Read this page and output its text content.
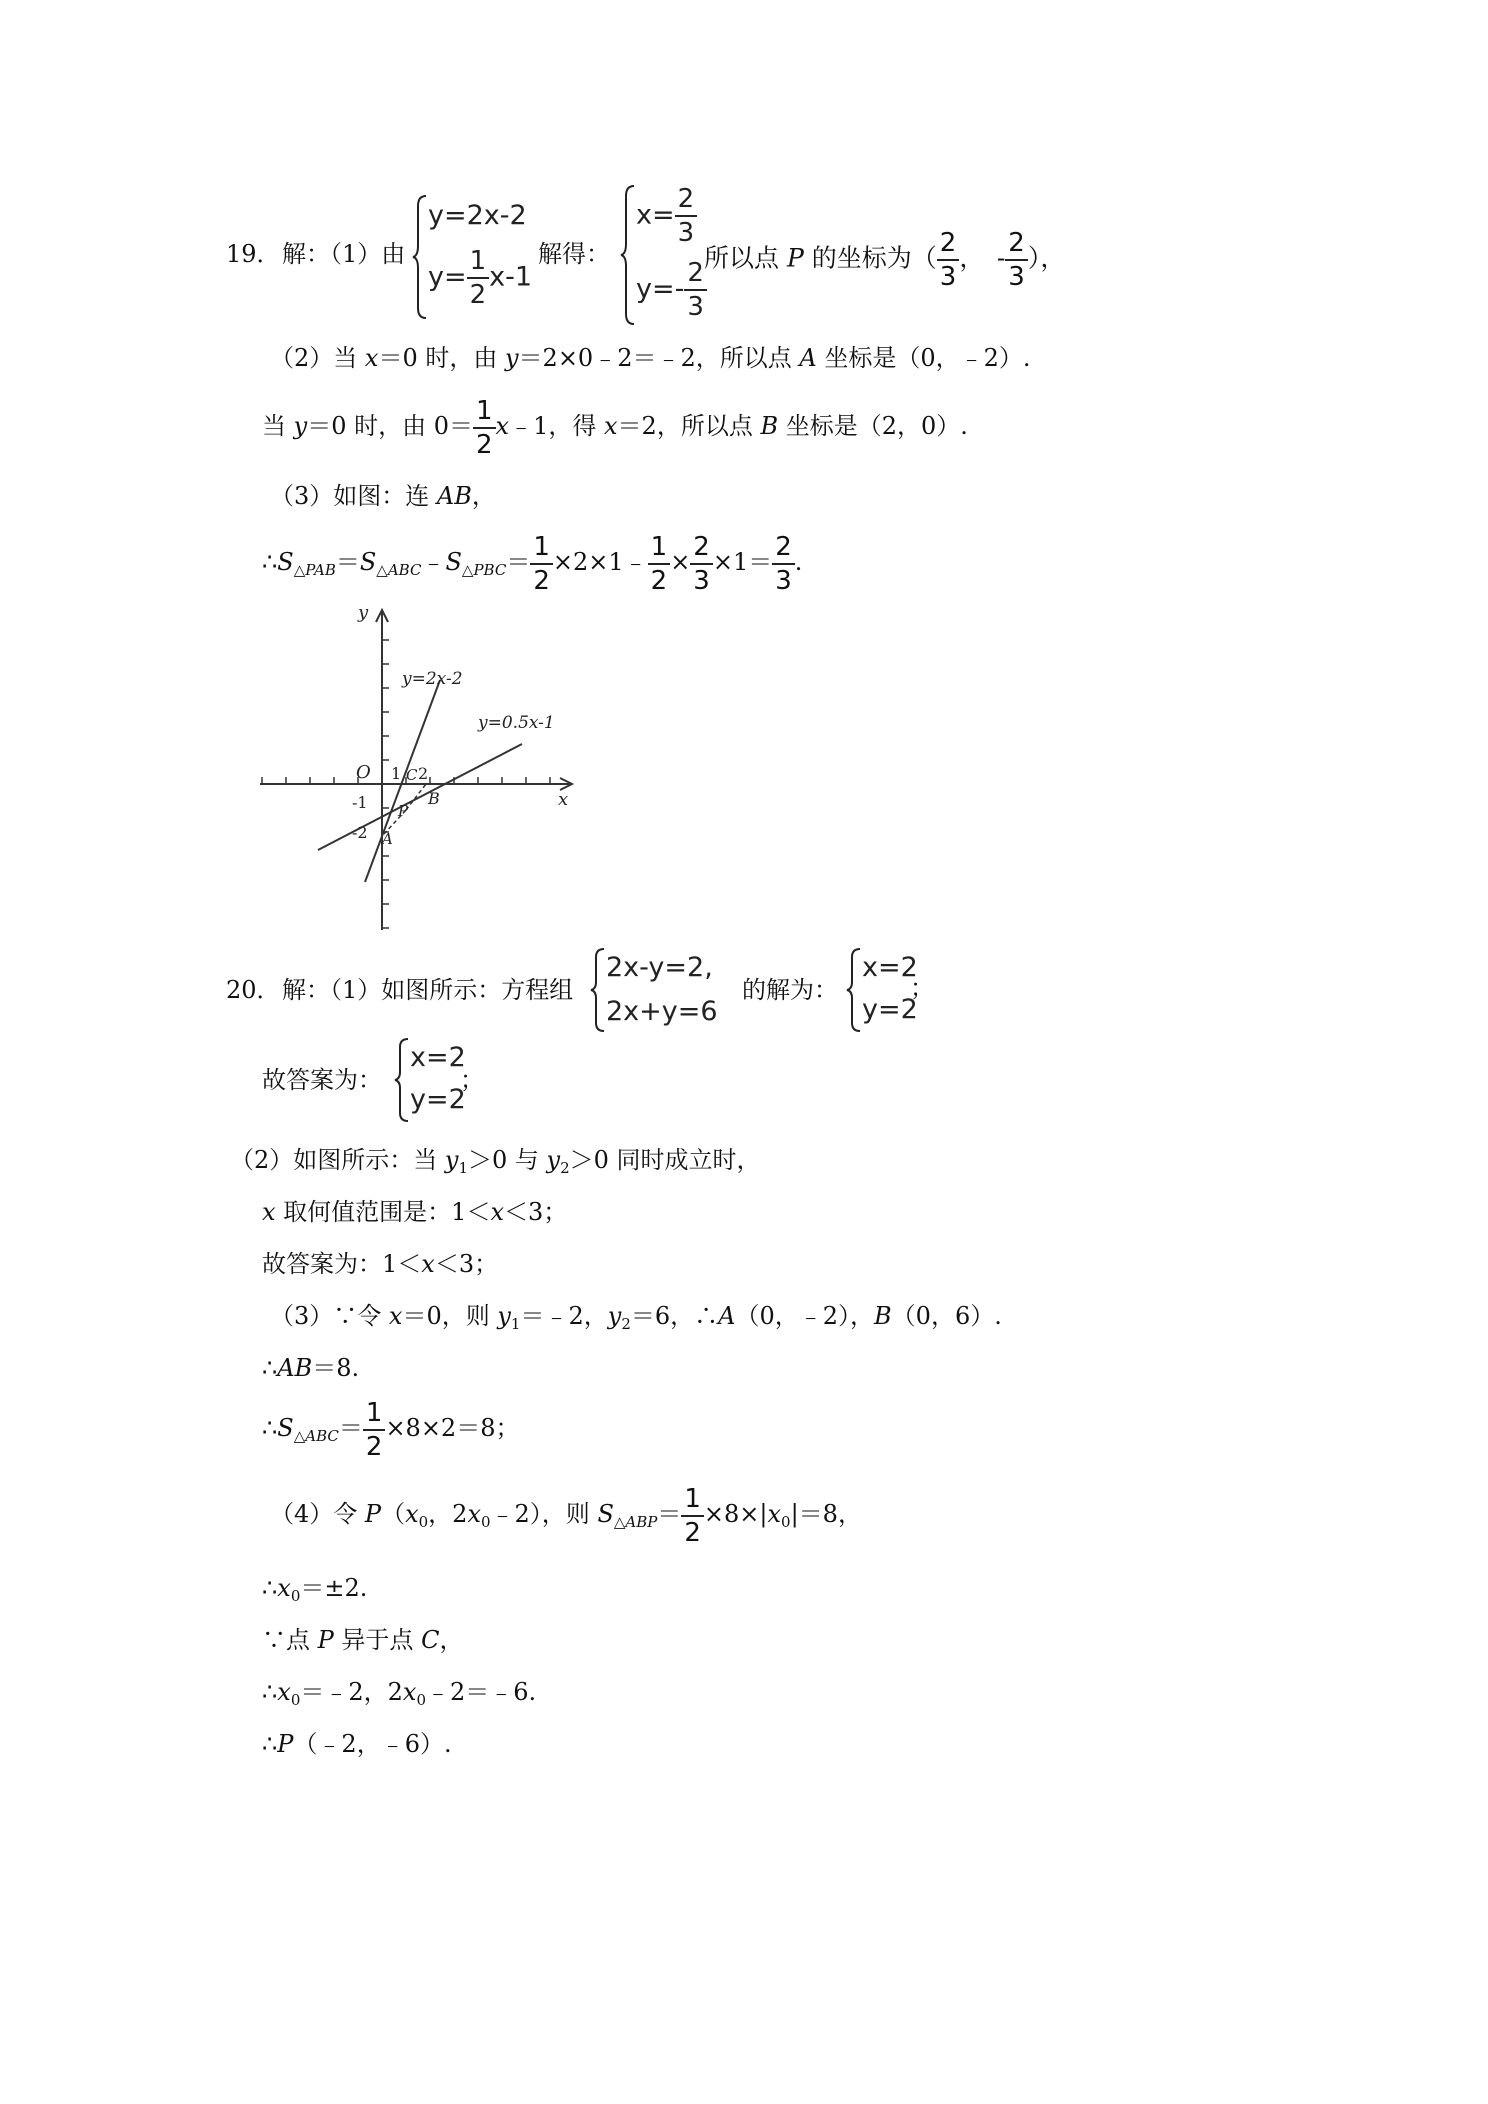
19． 解：（1）由
y=2x-2
$y= \frac{1}{2} x-1$
解得：
$x= \frac{2}{3}$
$y=- \frac{2}{3}$
所以点 P 的坐标为（ $\frac{2}{3}$ ，　- $\frac{2}{3}$ ），
（2）当 x＝0 时，由 y＝2×0﹣2＝﹣2，所以点 A 坐标是（0，﹣2）.
当 y＝0 时，由 $0= \frac{1}{2}$ x﹣1，得 x＝2，所以点 B 坐标是（2，0）.
（3）如图：连 AB，
$\therefore S_{\triangle PAB}=S_{\triangle ABC}﹣S_{\triangle PBC}= \frac{1}{2}$ ×2×1﹣ $\frac{1}{2} \times \frac{2}{3} \times 1= \frac{2}{3}$ .
y
x
O
y=2x-2
y=0.5x-1
1 2
-1
-2
C
B
P
A
20． 解：（1）如图所示：方程组
2x-y=2,
2x+y=6
的解为：
x=2
y=2
；
故答案为：
x=2
y=2
；
（2）如图所示：当 $y_1>0$ 与 $y_2>0$ 同时成立时，
x 取何值范围是：1＜x＜3；
故答案为：1＜x＜3；
（3）∵令 x＝0，则 $y_1=﹣2$，$y_2=6$，∴A（0，﹣2），B（0，6）.
∴AB＝8.
$\therefore S_{\triangle ABC}= \frac{1}{2} \times 8\times 2=8$；
（4）令 $P(x_0$，$2x_0﹣2$），则 $S_{\triangle ABP}= \frac{1}{2} \times 8\times|x_0|=8$，
$\therefore x_0=\pm 2$.
∵点 P 异于点 C，
$\therefore x_0=﹣2$，$2x_0﹣2=﹣6$.
∴P（﹣2，﹣6）.
